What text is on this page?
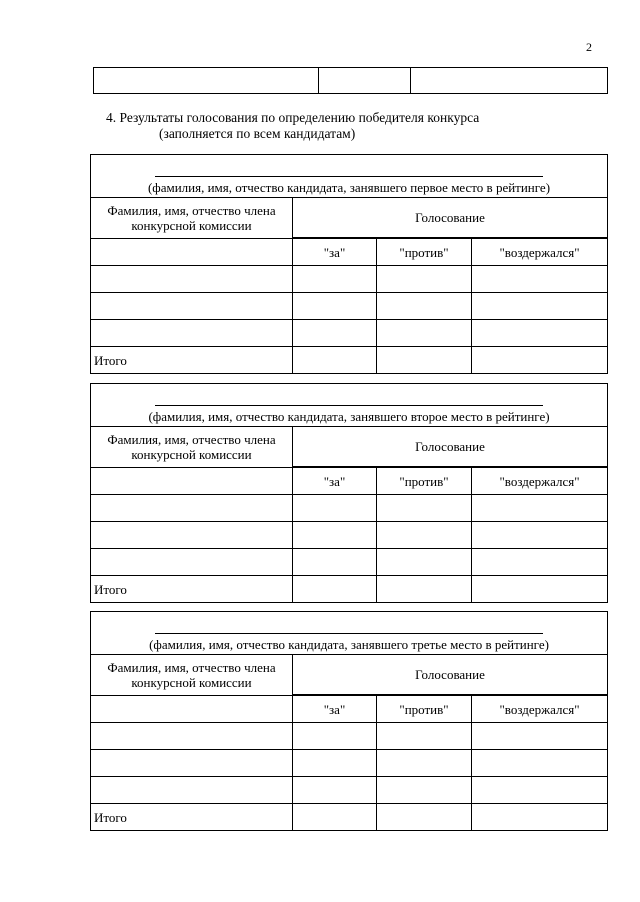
2

4. Результаты голосования по определению победителя конкурса
(заполняется по всем кандидатам)
(фамилия, имя, отчество кандидата, занявшего первое место в рейтинге)			
Фамилия, имя, отчество члена
конкурсной комиссии	Голосование		

	"за"	"против"	"воздержался"

Итого			
(фамилия, имя, отчество кандидата, занявшего второе место в рейтинге)			
Фамилия, имя, отчество члена
конкурсной комиссии	Голосование		

	"за"	"против"	"воздержался"

Итого			
(фамилия, имя, отчество кандидата, занявшего третье место в рейтинге)			
Фамилия, имя, отчество члена
конкурсной комиссии	Голосование		

	"за"	"против"	"воздержался"

Итого			
